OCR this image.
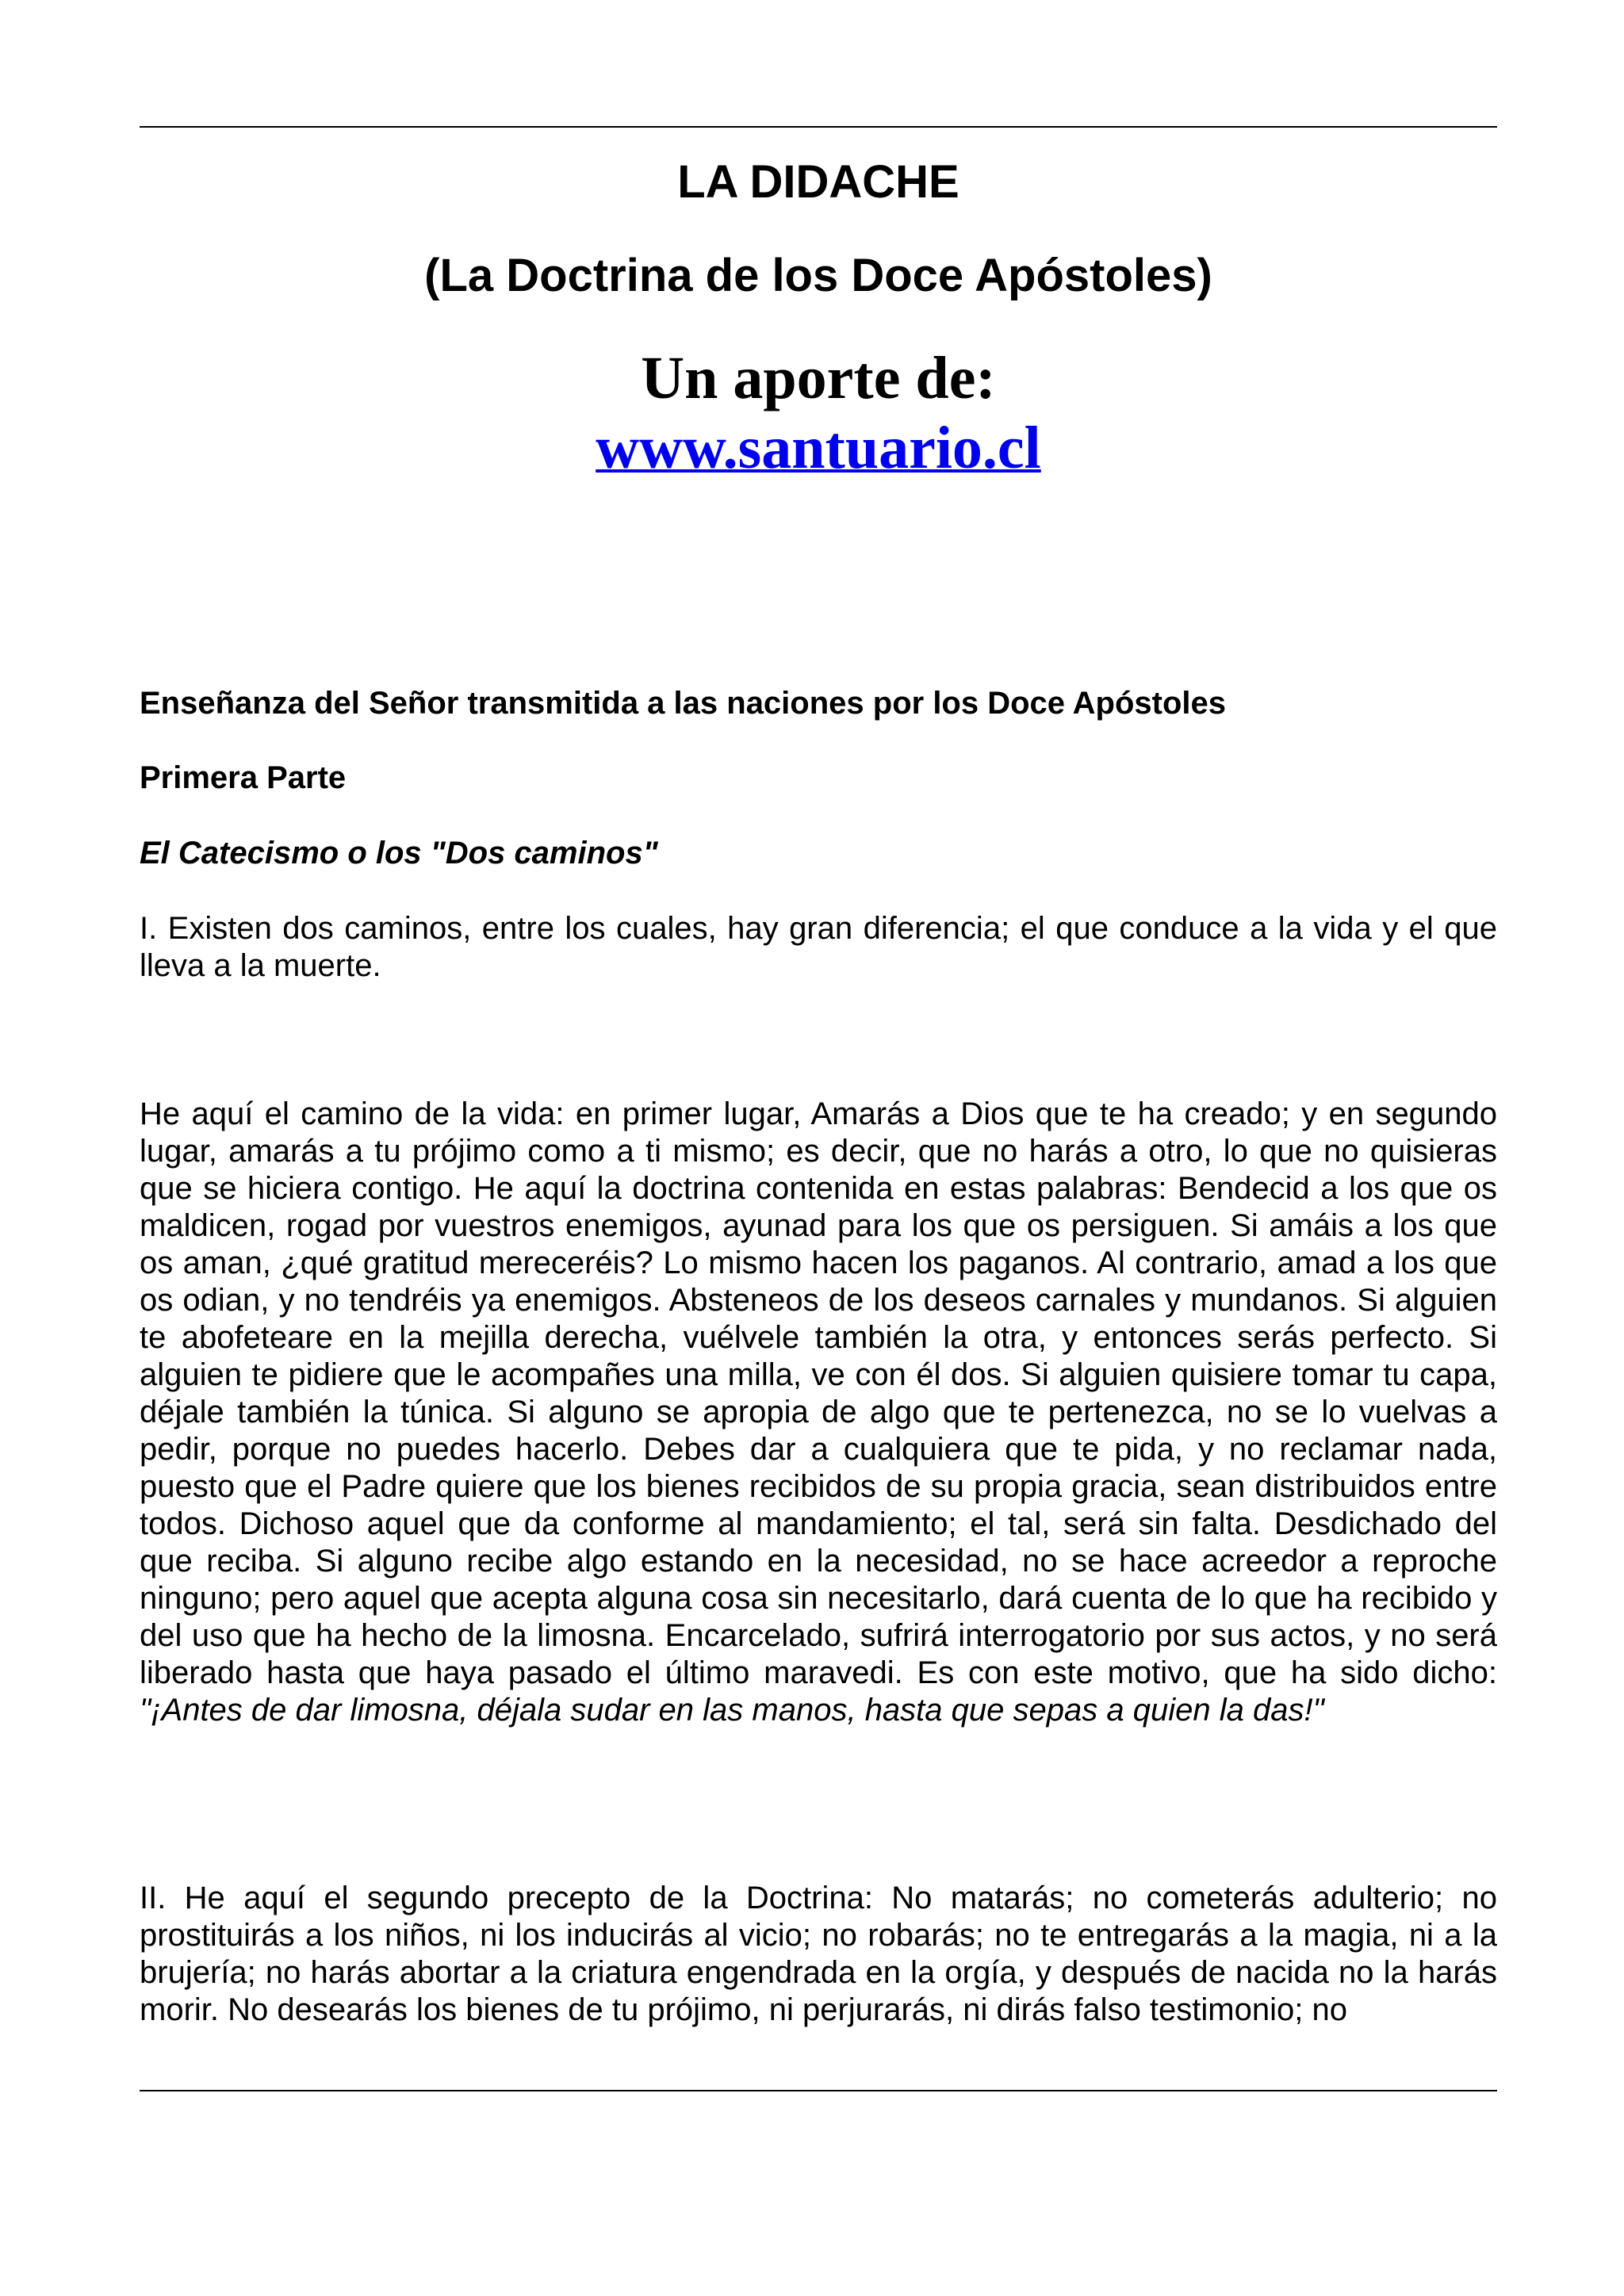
LA DIDACHE
(La Doctrina de los Doce Apóstoles)
Un aporte de:
www.santuario.cl
Enseñanza del Señor transmitida a las naciones por los Doce Apóstoles
Primera Parte
El Catecismo o los "Dos caminos"
I. Existen dos caminos, entre los cuales, hay gran diferencia; el que conduce a la vida y el que lleva a la muerte.
He aquí el camino de la vida: en primer lugar, Amarás a Dios que te ha creado; y en segundo lugar, amarás a tu prójimo como a ti mismo; es decir, que no harás a otro, lo que no quisieras que se hiciera contigo. He aquí la doctrina contenida en estas palabras: Bendecid a los que os maldicen, rogad por vuestros enemigos, ayunad para los que os persiguen. Si amáis a los que os aman, ¿qué gratitud mereceréis? Lo mismo hacen los paganos. Al contrario, amad a los que os odian, y no tendréis ya enemigos. Absteneos de los deseos carnales y mundanos. Si alguien te abofeteare en la mejilla derecha, vuélvele también la otra, y entonces serás perfecto. Si alguien te pidiere que le acompañes una milla, ve con él dos. Si alguien quisiere tomar tu capa, déjale también la túnica. Si alguno se apropia de algo que te pertenezca, no se lo vuelvas a pedir, porque no puedes hacerlo. Debes dar a cualquiera que te pida, y no reclamar nada, puesto que el Padre quiere que los bienes recibidos de su propia gracia, sean distribuidos entre todos. Dichoso aquel que da conforme al mandamiento; el tal, será sin falta. Desdichado del que reciba. Si alguno recibe algo estando en la necesidad, no se hace acreedor a reproche ninguno; pero aquel que acepta alguna cosa sin necesitarlo, dará cuenta de lo que ha recibido y del uso que ha hecho de la limosna. Encarcelado, sufrirá interrogatorio por sus actos, y no será liberado hasta que haya pasado el último maravedi. Es con este motivo, que ha sido dicho: "¡Antes de dar limosna, déjala sudar en las manos, hasta que sepas a quien la das!"
II. He aquí el segundo precepto de la Doctrina: No matarás; no cometerás adulterio; no prostituirás a los niños, ni los inducirás al vicio; no robarás; no te entregarás a la magia, ni a la brujería; no harás abortar a la criatura engendrada en la orgía, y después de nacida no la harás morir. No desearás los bienes de tu prójimo, ni perjurarás, ni dirás falso testimonio; no
